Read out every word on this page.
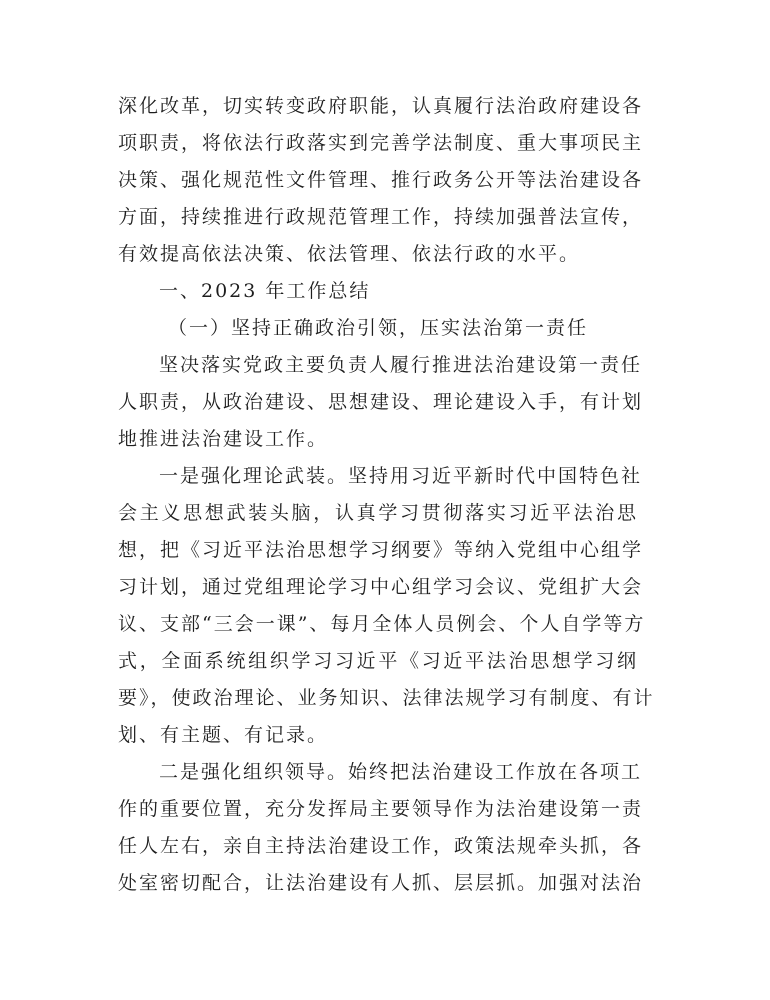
深化改革，切实转变政府职能，认真履行法治政府建设各
项职责，将依法行政落实到完善学法制度、重大事项民主
决策、强化规范性文件管理、推行政务公开等法治建设各
方面，持续推进行政规范管理工作，持续加强普法宣传，
有效提高依法决策、依法管理、依法行政的水平。
一、2023 年工作总结
（一）坚持正确政治引领，压实法治第一责任
坚决落实党政主要负责人履行推进法治建设第一责任
人职责，从政治建设、思想建设、理论建设入手，有计划
地推进法治建设工作。
一是强化理论武装。坚持用习近平新时代中国特色社
会主义思想武装头脑，认真学习贯彻落实习近平法治思
想，把《习近平法治思想学习纲要》等纳入党组中心组学
习计划，通过党组理论学习中心组学习会议、党组扩大会
议、支部“三会一课”、每月全体人员例会、个人自学等方
式，全面系统组织学习习近平《习近平法治思想学习纲
要》，使政治理论、业务知识、法律法规学习有制度、有计
划、有主题、有记录。
二是强化组织领导。始终把法治建设工作放在各项工
作的重要位置，充分发挥局主要领导作为法治建设第一责
任人左右，亲自主持法治建设工作，政策法规牵头抓，各
处室密切配合，让法治建设有人抓、层层抓。加强对法治
